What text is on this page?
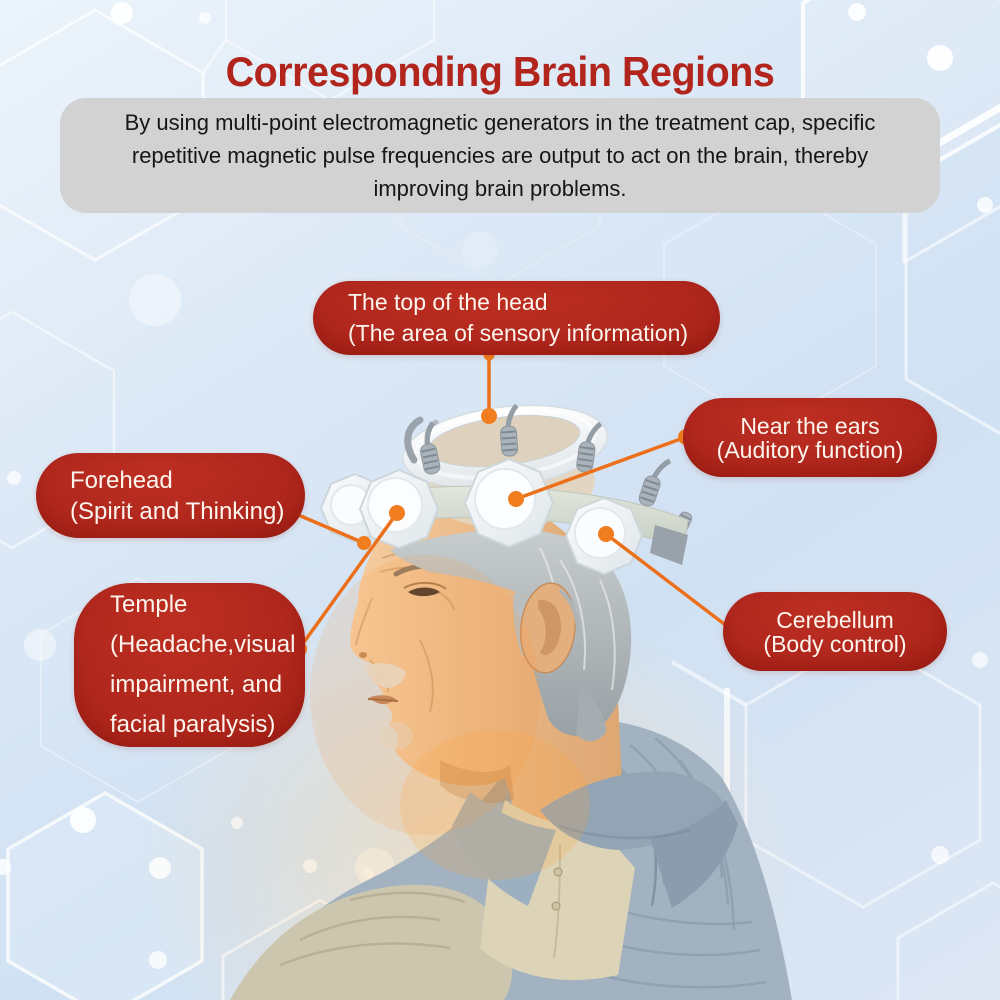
Corresponding Brain Regions
By using multi-point electromagnetic generators in the treatment cap, specific repetitive magnetic pulse frequencies are output to act on the brain, thereby improving brain problems.
The top of the head
(The area of sensory information)
Near the ears
(Auditory function)
Forehead
(Spirit and Thinking)
Temple
(Headache,visual
impairment, and
facial paralysis)
Cerebellum
(Body control)
